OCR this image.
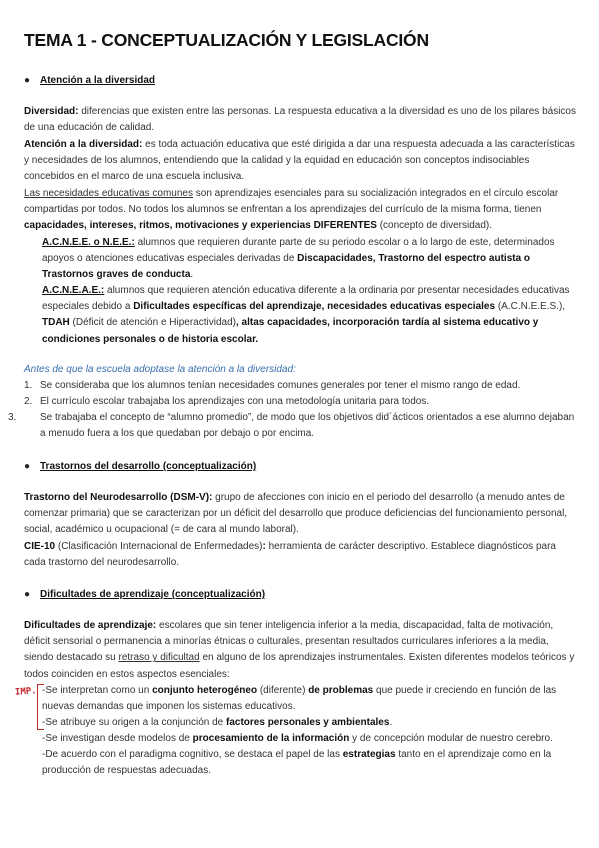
TEMA 1 - CONCEPTUALIZACIÓN Y LEGISLACIÓN
● Atención a la diversidad

Diversidad: diferencias que existen entre las personas. La respuesta educativa a la diversidad es uno de los pilares básicos de una educación de calidad.

Atención a la diversidad: es toda actuación educativa que esté dirigida a dar una respuesta adecuada a las características y necesidades de los alumnos, entendiendo que la calidad y la equidad en educación son conceptos indisociables concebidos en el marco de una escuela inclusiva.

Las necesidades educativas comunes son aprendizajes esenciales para su socialización integrados en el círculo escolar compartidas por todos. No todos los alumnos se enfrentan a los aprendizajes del currículo de la misma forma, tienen capacidades, intereses, ritmos, motivaciones y experiencias DIFERENTES (concepto de diversidad).

A.C.N.E.E. o N.E.E.: alumnos que requieren durante parte de su periodo escolar o a lo largo de este, determinados apoyos o atenciones educativas especiales derivadas de Discapacidades, Trastorno del espectro autista o Trastornos graves de conducta.

A.C.N.E.A.E.: alumnos que requieren atención educativa diferente a la ordinaria por presentar necesidades educativas especiales debido a Dificultades específicas del aprendizaje, necesidades educativas especiales (A.C.N.E.E.S.), TDAH (Déficit de atención e Hiperactividad), altas capacidades, incorporación tardía al sistema educativo y condiciones personales o de historia escolar.

Antes de que la escuela adoptase la atención a la diversidad:

1. Se consideraba que los alumnos tenían necesidades comunes generales por tener el mismo rango de edad.
2. El currículo escolar trabajaba los aprendizajes con una metodología unitaria para todos.
3. Se trabajaba el concepto de “alumno promedio”, de modo que los objetivos did´ácticos orientados a ese alumno dejaban a menudo fuera a los que quedaban por debajo o por encima.
● Trastornos del desarrollo (conceptualización)

Trastorno del Neurodesarrollo (DSM-V): grupo de afecciones con inicio en el periodo del desarrollo (a menudo antes de comenzar primaria) que se caracterizan por un déficit del desarrollo que produce deficiencias del funcionamiento personal, social, académico u ocupacional (= de cara al mundo laboral).

CIE-10 (Clasificación Internacional de Enfermedades): herramienta de carácter descriptivo. Establece diagnósticos para cada trastorno del neurodesarrollo.

● Dificultades de aprendizaje (conceptualización)

Dificultades de aprendizaje: escolares que sin tener inteligencia inferior a la media, discapacidad, falta de motivación, déficit sensorial o permanencia a minorías étnicas o culturales, presentan resultados curriculares inferiores a la media, siendo destacado su retraso y dificultad en alguno de los aprendizajes instrumentales. Existen diferentes modelos teóricos y todos coinciden en estos aspectos esenciales:

IMP. -Se interpretan como un conjunto heterogéneo (diferente) de problemas que puede ir creciendo en función de las nuevas demandas que imponen los sistemas educativos.

-Se atribuye su origen a la conjunción de factores personales y ambientales.

-Se investigan desde modelos de procesamiento de la información y de concepción modular de nuestro cerebro.

-De acuerdo con el paradigma cognitivo, se destaca el papel de las estrategias tanto en el aprendizaje como en la producción de respuestas adecuadas.
